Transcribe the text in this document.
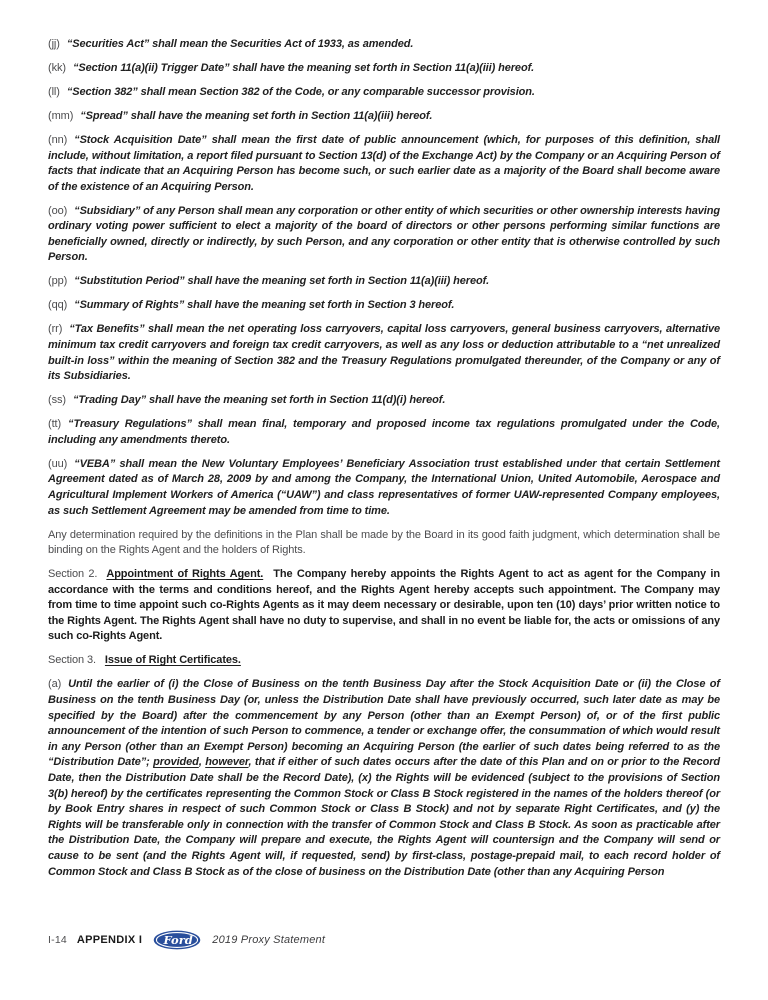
(jj) “Securities Act” shall mean the Securities Act of 1933, as amended.

(kk) “Section 11(a)(ii) Trigger Date” shall have the meaning set forth in Section 11(a)(iii) hereof.

(ll) “Section 382” shall mean Section 382 of the Code, or any comparable successor provision.

(mm) “Spread” shall have the meaning set forth in Section 11(a)(iii) hereof.

(nn) “Stock Acquisition Date” shall mean the first date of public announcement (which, for purposes of this definition, shall include, without limitation, a report filed pursuant to Section 13(d) of the Exchange Act) by the Company or an Acquiring Person of facts that indicate that an Acquiring Person has become such, or such earlier date as a majority of the Board shall become aware of the existence of an Acquiring Person.

(oo) “Subsidiary” of any Person shall mean any corporation or other entity of which securities or other ownership interests having ordinary voting power sufficient to elect a majority of the board of directors or other persons performing similar functions are beneficially owned, directly or indirectly, by such Person, and any corporation or other entity that is otherwise controlled by such Person.

(pp) “Substitution Period” shall have the meaning set forth in Section 11(a)(iii) hereof.

(qq) “Summary of Rights” shall have the meaning set forth in Section 3 hereof.

(rr) “Tax Benefits” shall mean the net operating loss carryovers, capital loss carryovers, general business carryovers, alternative minimum tax credit carryovers and foreign tax credit carryovers, as well as any loss or deduction attributable to a “net unrealized built-in loss” within the meaning of Section 382 and the Treasury Regulations promulgated thereunder, of the Company or any of its Subsidiaries.

(ss) “Trading Day” shall have the meaning set forth in Section 11(d)(i) hereof.

(tt) “Treasury Regulations” shall mean final, temporary and proposed income tax regulations promulgated under the Code, including any amendments thereto.

(uu) “VEBA” shall mean the New Voluntary Employees’ Beneficiary Association trust established under that certain Settlement Agreement dated as of March 28, 2009 by and among the Company, the International Union, United Automobile, Aerospace and Agricultural Implement Workers of America (“UAW”) and class representatives of former UAW-represented Company employees, as such Settlement Agreement may be amended from time to time.

Any determination required by the definitions in the Plan shall be made by the Board in its good faith judgment, which determination shall be binding on the Rights Agent and the holders of Rights.

Section 2. Appointment of Rights Agent. The Company hereby appoints the Rights Agent to act as agent for the Company in accordance with the terms and conditions hereof, and the Rights Agent hereby accepts such appointment. The Company may from time to time appoint such co-Rights Agents as it may deem necessary or desirable, upon ten (10) days’ prior written notice to the Rights Agent. The Rights Agent shall have no duty to supervise, and shall in no event be liable for, the acts or omissions of any such co-Rights Agent.

Section 3. Issue of Right Certificates.

(a) Until the earlier of (i) the Close of Business on the tenth Business Day after the Stock Acquisition Date or (ii) the Close of Business on the tenth Business Day (or, unless the Distribution Date shall have previously occurred, such later date as may be specified by the Board) after the commencement by any Person (other than an Exempt Person) of, or of the first public announcement of the intention of such Person to commence, a tender or exchange offer, the consummation of which would result in any Person (other than an Exempt Person) becoming an Acquiring Person (the earlier of such dates being referred to as the “Distribution Date”; provided, however, that if either of such dates occurs after the date of this Plan and on or prior to the Record Date, then the Distribution Date shall be the Record Date), (x) the Rights will be evidenced (subject to the provisions of Section 3(b) hereof) by the certificates representing the Common Stock or Class B Stock registered in the names of the holders thereof (or by Book Entry shares in respect of such Common Stock or Class B Stock) and not by separate Right Certificates, and (y) the Rights will be transferable only in connection with the transfer of Common Stock and Class B Stock. As soon as practicable after the Distribution Date, the Company will prepare and execute, the Rights Agent will countersign and the Company will send or cause to be sent (and the Rights Agent will, if requested, send) by first-class, postage-prepaid mail, to each record holder of Common Stock and Class B Stock as of the close of business on the Distribution Date (other than any Acquiring Person

I-14 APPENDIX I Ford 2019 Proxy Statement
